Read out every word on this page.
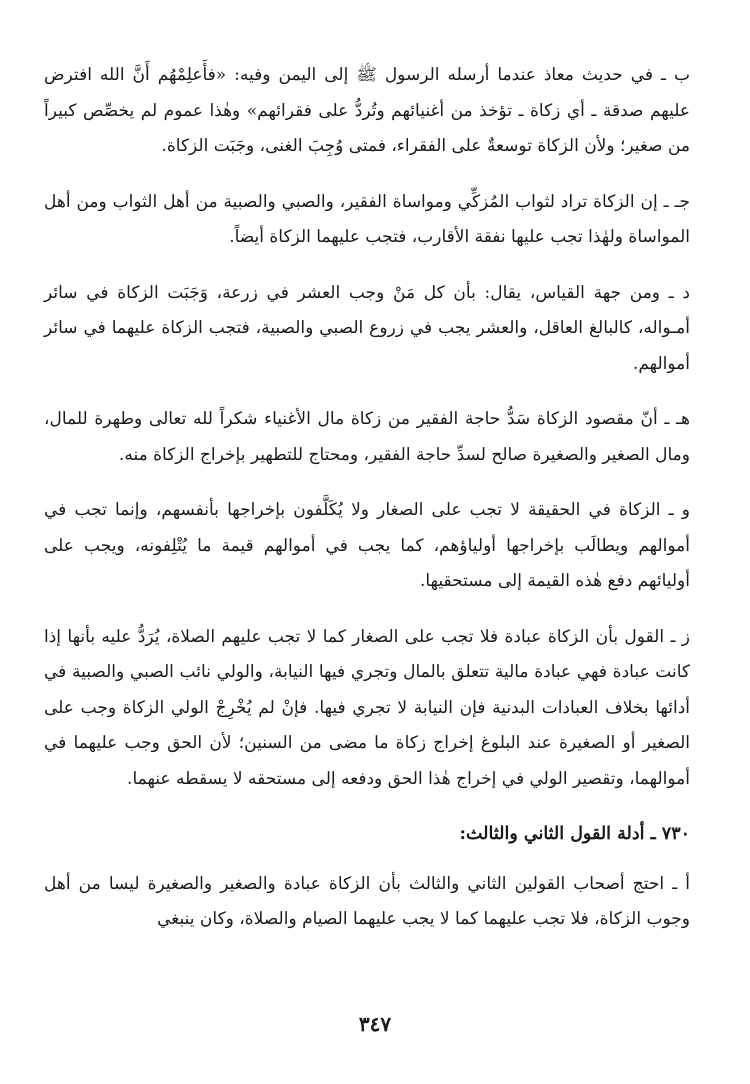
ب ـ في حديث معاذ عندما أرسله الرسول ﷺ إلى اليمن وفيه: «فأَعلِمْهُم أَنَّ الله افترض عليهم صدقة ـ أي زكاة ـ تؤخذ من أغنيائهم وتُردُّ على فقرائهم» وهٰذا عموم لم يخصِّص كبيراً من صغير؛ ولأن الزكاة توسعةٌ على الفقراء، فمتى وُجِبَ الغنى، وجَبَت الزكاة.

جـ ـ إن الزكاة تراد لثواب المُزكِّي ومواساة الفقير، والصبي والصبية من أهل الثواب ومن أهل المواساة ولهٰذا تجب عليها نفقة الأقارب، فتجب عليهما الزكاة أيضاً.

د ـ ومن جهة القياس، يقال: بأن كل مَنْ وجب العشر في زرعة، وَجَبَت الزكاة في سائر أمـواله، كالبالغ العاقل، والعشر يجب في زروع الصبي والصبية، فتجب الزكاة عليهما في سائر أموالهم.

هـ ـ أنّ مقصود الزكاة سَدُّ حاجة الفقير من زكاة مال الأغنياء شكراً لله تعالى وطهرة للمال، ومال الصغير والصغيرة صالح لسدِّ حاجة الفقير، ومحتاج للتطهير بإخراج الزكاة منه.

و ـ الزكاة في الحقيقة لا تجب على الصغار ولا يُكَلَّفون بإخراجها بأنفسهم، وإنما تجب في أموالهم ويطالَب بإخراجها أولياؤهم، كما يجب في أموالهم قيمة ما يُتْلِفونه، ويجب على أوليائهم دفع هٰذه القيمة إلى مستحقيها.

ز ـ القول بأن الزكاة عبادة فلا تجب على الصغار كما لا تجب عليهم الصلاة، يُرَدُّ عليه بأنها إذا كانت عبادة فهي عبادة مالية تتعلق بالمال وتجري فيها النيابة، والولي نائب الصبي والصبية في أدائها بخلاف العبادات البدنية فإن النيابة لا تجري فيها. فإنْ لم يُخْرِجْ الولي الزكاة وجب على الصغير أو الصغيرة عند البلوغ إخراج زكاة ما مضى من السنين؛ لأن الحق وجب عليهما في أموالهما، وتقصير الولي في إخراج هٰذا الحق ودفعه إلى مستحقه لا يسقطه عنهما.

٧٣٠ ـ أدلة القول الثاني والثالث:

أ ـ احتج أصحاب القولين الثاني والثالث بأن الزكاة عبادة والصغير والصغيرة ليسا من أهل وجوب الزكاة، فلا تجب عليهما كما لا يجب عليهما الصيام والصلاة، وكان ينبغي

٣٤٧
